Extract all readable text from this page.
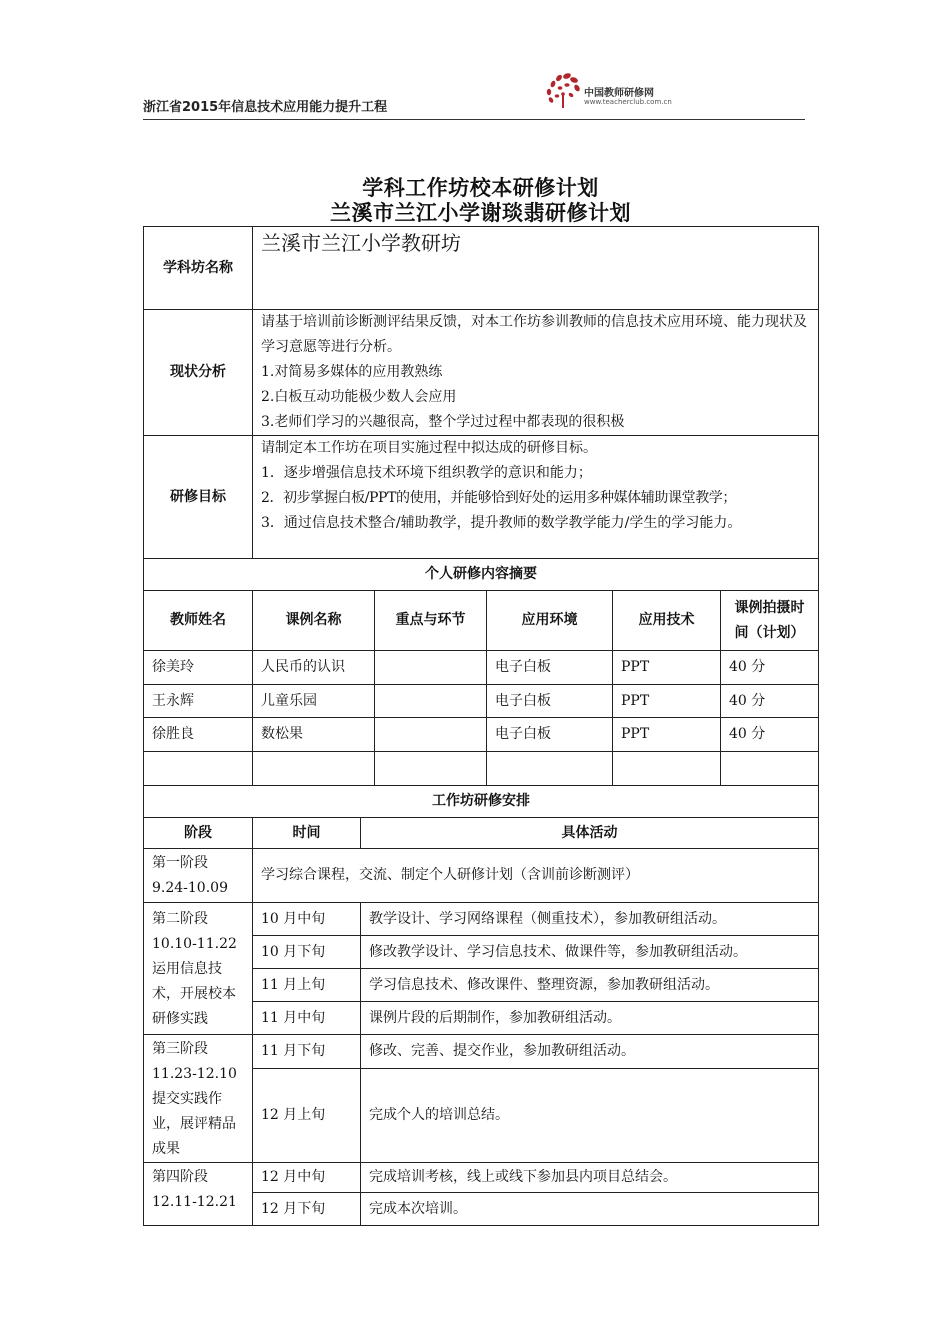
浙江省2015年信息技术应用能力提升工程
中国教师研修网
www.teacherclub.com.cn
学科工作坊校本研修计划
兰溪市兰江小学谢琰翡研修计划
学科坊名称	兰溪市兰江小学教研坊					
现状分析	请基于培训前诊断测评结果反馈，对本工作坊参训教师的信息技术应用环境、能力现状及学习意愿等进行分析。
1.对简易多媒体的应用教熟练
2.白板互动功能极少数人会应用
3.老师们学习的兴趣很高，整个学过过程中都表现的很积极					

研修目标	请制定本工作坊在项目实施过程中拟达成的研修目标。
1．逐步增强信息技术环境下组织教学的意识和能力；
2．初步掌握白板/PPT的使用，并能够恰到好处的运用多种媒体辅助课堂教学；
3．通过信息技术整合/辅助教学，提升教师的数学教学能力/学生的学习能力。					

个人研修内容摘要						
教师姓名	课例名称		重点与环节	应用环境	应用技术	课例拍摄时间（计划）
徐美玲	人民币的认识			电子白板	PPT	40 分
王永辉	儿童乐园			电子白板	PPT	40 分
徐胜良	数松果			电子白板	PPT	40 分

工作坊研修安排						
阶段	时间	具体活动				

第一阶段
9.24-10.09	学习综合课程，交流、制定个人研修计划（含训前诊断测评）					

第二阶段
10.10-11.22
运用信息技术，开展校本研修实践	10 月中旬	教学设计、学习网络课程（侧重技术），参加教研组活动。				
	10 月下旬	修改教学设计、学习信息技术、做课件等，参加教研组活动。				
	11 月上旬	学习信息技术、修改课件、整理资源，参加教研组活动。				
	11 月中旬	课例片段的后期制作，参加教研组活动。				

第三阶段
11.23-12.10
提交实践作业，展评精品成果	11 月下旬	修改、完善、提交作业，参加教研组活动。				
	12 月上旬	完成个人的培训总结。				

第四阶段
12.11-12.21	12 月中旬	完成培训考核，线上或线下参加县内项目总结会。				
	12 月下旬	完成本次培训。				
